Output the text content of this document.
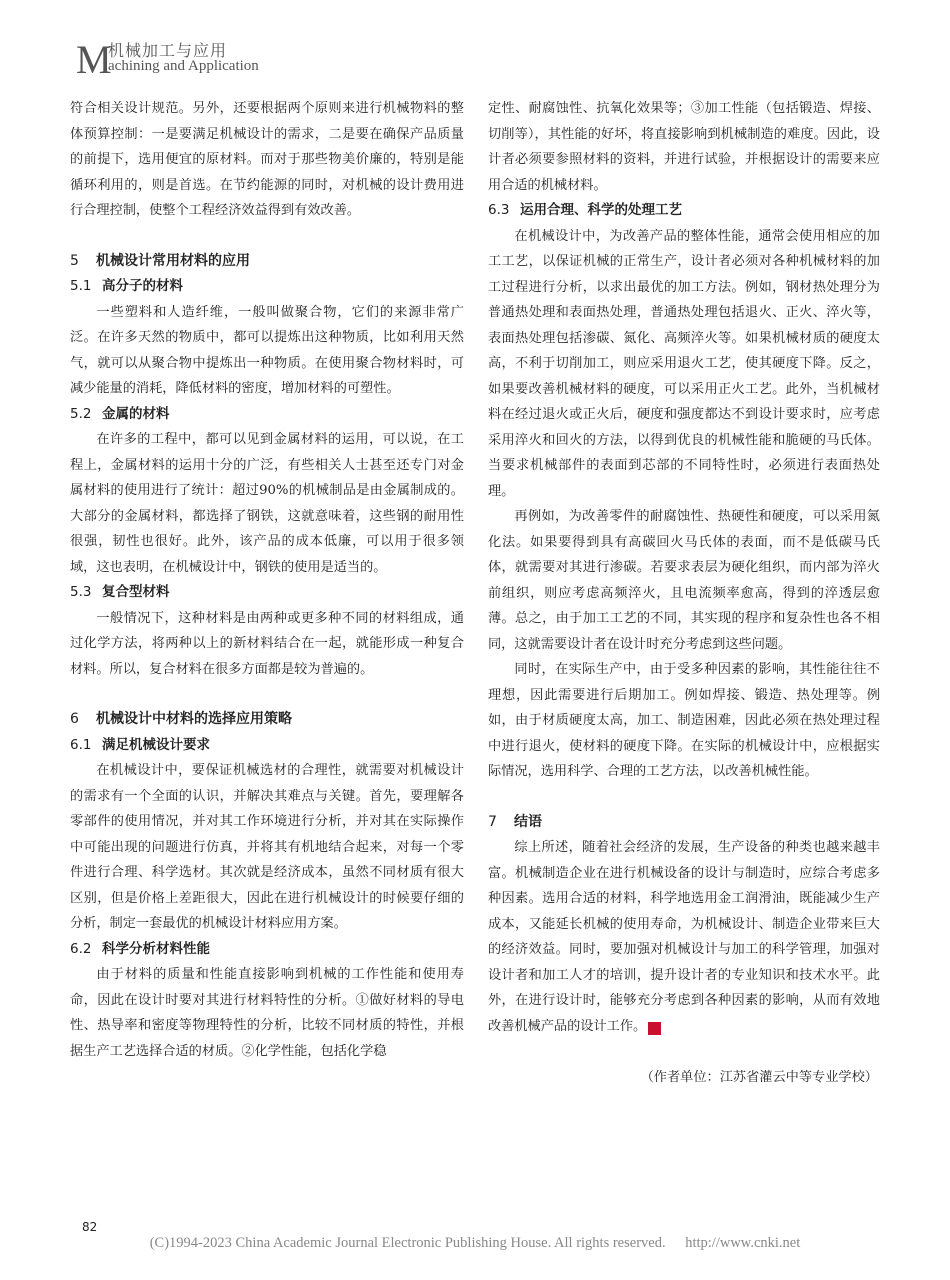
M
机械加工与应用
achining and Application

符合相关设计规范。另外，还要根据两个原则来进行机械物料的整体预算控制：一是要满足机械设计的需求，二是要在确保产品质量的前提下，选用便宜的原材料。而对于那些物美价廉的，特别是能循环利用的，则是首选。在节约能源的同时，对机械的设计费用进行合理控制，使整个工程经济效益得到有效改善。

5 机械设计常用材料的应用
5.1 高分子的材料

一些塑料和人造纤维，一般叫做聚合物，它们的来源非常广泛。在许多天然的物质中，都可以提炼出这种物质，比如利用天然气，就可以从聚合物中提炼出一种物质。在使用聚合物材料时，可减少能量的消耗，降低材料的密度，增加材料的可塑性。

5.2 金属的材料

在许多的工程中，都可以见到金属材料的运用，可以说，在工程上，金属材料的运用十分的广泛，有些相关人士甚至还专门对金属材料的使用进行了统计：超过90%的机械制品是由金属制成的。大部分的金属材料，都选择了钢铁，这就意味着，这些钢的耐用性很强，韧性也很好。此外，该产品的成本低廉，可以用于很多领域，这也表明，在机械设计中，钢铁的使用是适当的。

5.3 复合型材料

一般情况下，这种材料是由两种或更多种不同的材料组成，通过化学方法，将两种以上的新材料结合在一起，就能形成一种复合材料。所以，复合材料在很多方面都是较为普遍的。

6 机械设计中材料的选择应用策略
6.1 满足机械设计要求

在机械设计中，要保证机械选材的合理性，就需要对机械设计的需求有一个全面的认识，并解决其难点与关键。首先，要理解各零部件的使用情况，并对其工作环境进行分析，并对其在实际操作中可能出现的问题进行仿真，并将其有机地结合起来，对每一个零件进行合理、科学选材。其次就是经济成本，虽然不同材质有很大区别，但是价格上差距很大，因此在进行机械设计的时候要仔细的分析，制定一套最优的机械设计材料应用方案。

6.2 科学分析材料性能

由于材料的质量和性能直接影响到机械的工作性能和使用寿命，因此在设计时要对其进行材料特性的分析。①做好材料的导电性、热导率和密度等物理特性的分析，比较不同材质的特性，并根据生产工艺选择合适的材质。②化学性能，包括化学稳

定性、耐腐蚀性、抗氧化效果等；③加工性能（包括锻造、焊接、切削等），其性能的好坏，将直接影响到机械制造的难度。因此，设计者必须要参照材料的资料，并进行试验，并根据设计的需要来应用合适的机械材料。

6.3 运用合理、科学的处理工艺

在机械设计中，为改善产品的整体性能，通常会使用相应的加工工艺，以保证机械的正常生产，设计者必须对各种机械材料的加工过程进行分析，以求出最优的加工方法。例如，钢材热处理分为普通热处理和表面热处理，普通热处理包括退火、正火、淬火等，表面热处理包括渗碳、氮化、高频淬火等。如果机械材质的硬度太高，不利于切削加工，则应采用退火工艺，使其硬度下降。反之，如果要改善机械材料的硬度，可以采用正火工艺。此外，当机械材料在经过退火或正火后，硬度和强度都达不到设计要求时，应考虑采用淬火和回火的方法，以得到优良的机械性能和脆硬的马氏体。当要求机械部件的表面到芯部的不同特性时，必须进行表面热处理。

再例如，为改善零件的耐腐蚀性、热硬性和硬度，可以采用氮化法。如果要得到具有高碳回火马氏体的表面，而不是低碳马氏体，就需要对其进行渗碳。若要求表层为硬化组织，而内部为淬火前组织，则应考虑高频淬火，且电流频率愈高，得到的淬透层愈薄。总之，由于加工工艺的不同，其实现的程序和复杂性也各不相同，这就需要设计者在设计时充分考虑到这些问题。

同时，在实际生产中，由于受多种因素的影响，其性能往往不理想，因此需要进行后期加工。例如焊接、锻造、热处理等。例如，由于材质硬度太高，加工、制造困难，因此必须在热处理过程中进行退火，使材料的硬度下降。在实际的机械设计中，应根据实际情况，选用科学、合理的工艺方法，以改善机械性能。

7 结语

综上所述，随着社会经济的发展，生产设备的种类也越来越丰富。机械制造企业在进行机械设备的设计与制造时，应综合考虑多种因素。选用合适的材料，科学地选用金工润滑油，既能减少生产成本，又能延长机械的使用寿命，为机械设计、制造企业带来巨大的经济效益。同时，要加强对机械设计与加工的科学管理，加强对设计者和加工人才的培训，提升设计者的专业知识和技术水平。此外，在进行设计时，能够充分考虑到各种因素的影响，从而有效地改善机械产品的设计工作。	滴

（作者单位：江苏省灌云中等专业学校）
82
(C)1994-2023 China Academic Journal Electronic Publishing House. All rights reserved. http://www.cnki.net
